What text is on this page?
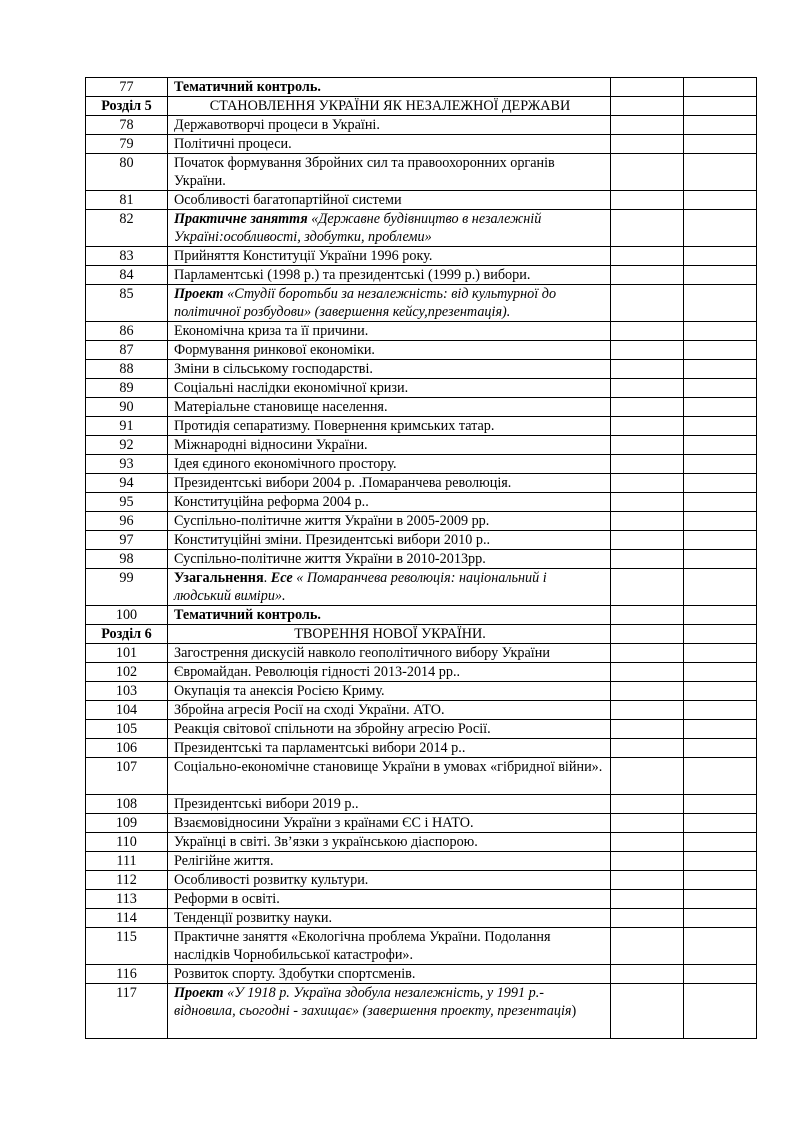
77	Тематичний контроль.		
Розділ 5	СТАНОВЛЕННЯ УКРАЇНИ ЯК НЕЗАЛЕЖНОЇ ДЕРЖАВИ		
78	Державотворчі процеси в Україні.		
79	Політичні процеси.		
80	Початок формування Збройних сил та правоохоронних органів України.		
81	Особливості багатопартійної системи		
82	Практичне заняття «Державне будівництво в незалежній Україні:особливості, здобутки, проблеми»		
83	Прийняття Конституції України 1996 року.		
84	Парламентські (1998 р.) та президентські (1999 р.) вибори.		
85	Проект «Студії боротьби за незалежність: від культурної до політичної розбудови» (завершення кейсу,презентація).		
86	Економічна криза та її причини.		
87	Формування ринкової економіки.		
88	Зміни в сільському господарстві.		
89	Соціальні наслідки економічної кризи.		
90	Матеріальне становище населення.		
91	Протидія сепаратизму. Повернення кримських татар.		
92	Міжнародні відносини України.		
93	Ідея єдиного економічного простору.		
94	Президентські вибори 2004 р. .Помаранчева революція.		
95	Конституційна реформа 2004 р..		
96	Суспільно-політичне життя України в 2005-2009 рр.		
97	Конституційні зміни. Президентські вибори 2010 р..		
98	Суспільно-політичне життя України в 2010-2013рр.		
99	Узагальнення. Есе « Помаранчева революція: національний і людський виміри».		
100	Тематичний контроль.		
Розділ 6	ТВОРЕННЯ НОВОЇ УКРАЇНИ.		
101	Загострення дискусій навколо геополітичного вибору України		
102	Євромайдан. Революція гідності 2013-2014 рр..		
103	Окупація та анексія Росією Криму.		
104	Збройна агресія Росії на сході України. АТО.		
105	Реакція світової спільноти на збройну агресію Росії.		
106	Президентські та парламентські вибори 2014 р..		
107	Соціально-економічне становище України в умовах «гібридної війни».		
108	Президентські вибори 2019 р..		
109	Взаємовідносини України з країнами ЄС і НАТО.		
110	Українці в світі. Зв’язки з українською діаспорою.		
111	Релігійне життя.		
112	Особливості розвитку культури.		
113	Реформи в освіті.		
114	Тенденції розвитку науки.		
115	Практичне заняття «Екологічна проблема України. Подолання наслідків Чорнобильської катастрофи».		
116	Розвиток спорту. Здобутки спортсменів.		
117	Проект «У 1918 р. Україна здобула незалежність, у 1991 р.- відновила, сьогодні - захищає» (завершення проекту, презентація)		
